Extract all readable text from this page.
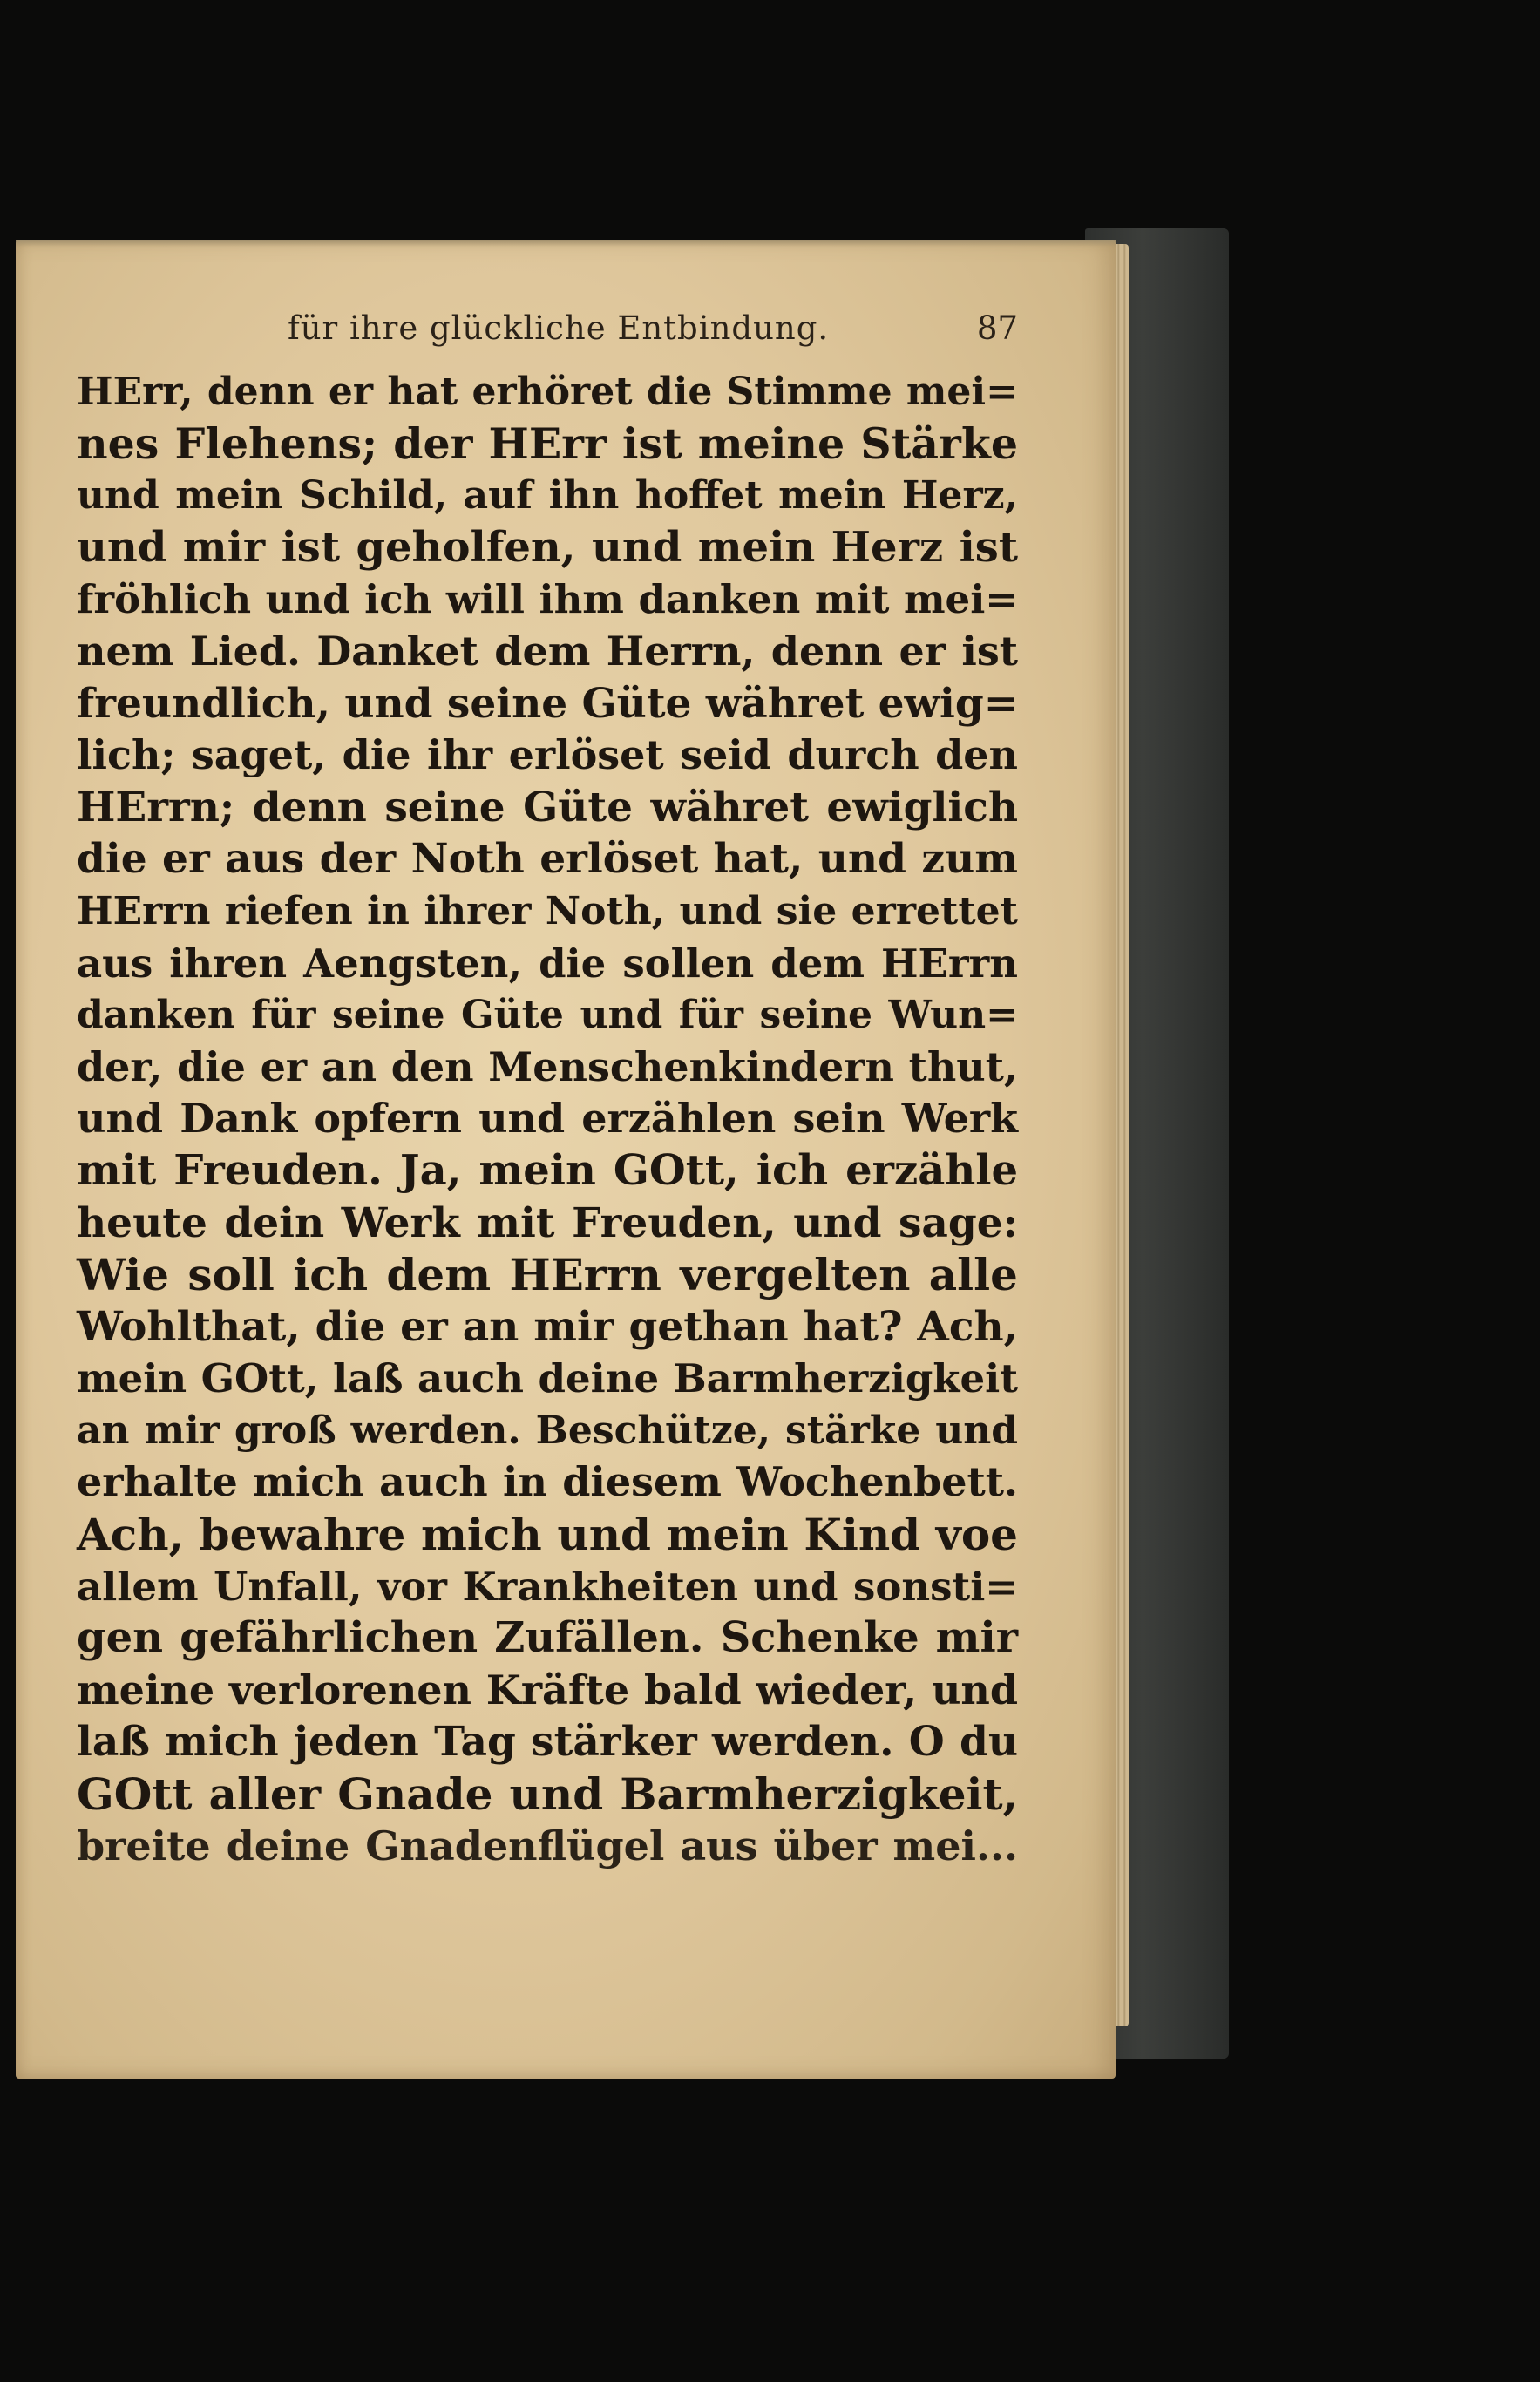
für ihre glückliche Entbindung.	87
HErr, denn er hat erhöret die Stimme mei=
nes Flehens; der HErr ist meine Stärke
und mein Schild, auf ihn hoffet mein Herz,
und mir ist geholfen, und mein Herz ist
fröhlich und ich will ihm danken mit mei=
nem Lied. Danket dem Herrn, denn er ist
freundlich, und seine Güte währet ewig=
lich; saget, die ihr erlöset seid durch den
HErrn; denn seine Güte währet ewiglich
die er aus der Noth erlöset hat, und zum
HErrn riefen in ihrer Noth, und sie errettet
aus ihren Aengsten, die sollen dem HErrn
danken für seine Güte und für seine Wun=
der, die er an den Menschenkindern thut,
und Dank opfern und erzählen sein Werk
mit Freuden. Ja, mein GOtt, ich erzähle
heute dein Werk mit Freuden, und sage:
Wie soll ich dem HErrn vergelten alle
Wohlthat, die er an mir gethan hat? Ach,
mein GOtt, laß auch deine Barmherzigkeit
an mir groß werden. Beschütze, stärke und
erhalte mich auch in diesem Wochenbett.
Ach, bewahre mich und mein Kind voe
allem Unfall, vor Krankheiten und sonsti=
gen gefährlichen Zufällen. Schenke mir
meine verlorenen Kräfte bald wieder, und
laß mich jeden Tag stärker werden. O du
GOtt aller Gnade und Barmherzigkeit,
breite deine Gnadenflügel aus über mei...
